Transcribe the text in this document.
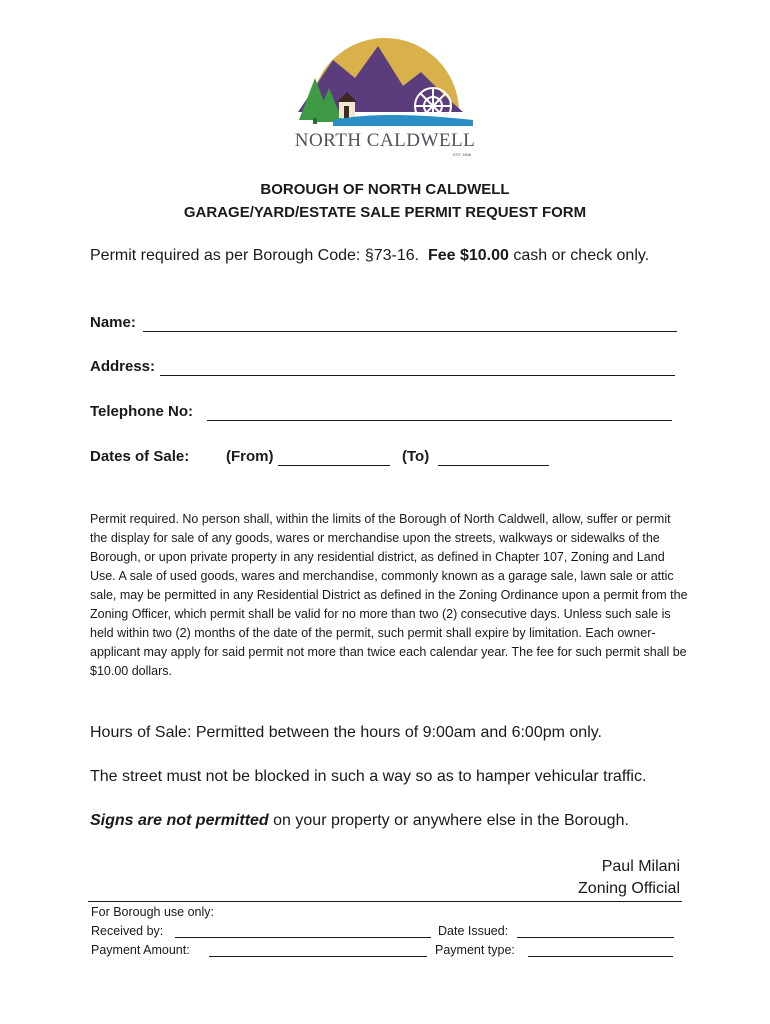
NORTH CALDWELL
EST 1898
BOROUGH OF NORTH CALDWELL
GARAGE/YARD/ESTATE SALE PERMIT REQUEST FORM
Permit required as per Borough Code: §73-16. Fee $10.00 cash or check only.
Name:
Address:
Telephone No:
Dates of Sale: (From)	(To)

Permit required. No person shall, within the limits of the Borough of North Caldwell, allow, suffer or permit the display for sale of any goods, wares or merchandise upon the streets, walkways or sidewalks of the Borough, or upon private property in any residential district, as defined in Chapter 107, Zoning and Land Use. A sale of used goods, wares and merchandise, commonly known as a garage sale, lawn sale or attic sale, may be permitted in any Residential District as defined in the Zoning Ordinance upon a permit from the Zoning Officer, which permit shall be valid for no more than two (2) consecutive days. Unless such sale is held within two (2) months of the date of the permit, such permit shall expire by limitation. Each owner-applicant may apply for said permit not more than twice each calendar year. The fee for such permit shall be $10.00 dollars.

Hours of Sale: Permitted between the hours of 9:00am and 6:00pm only.
The street must not be blocked in such a way so as to hamper vehicular traffic.
Signs are not permitted on your property or anywhere else in the Borough.
Paul Milani
Zoning Official
For Borough use only:
Received by:	Date Issued:
Payment Amount:	Payment type:
